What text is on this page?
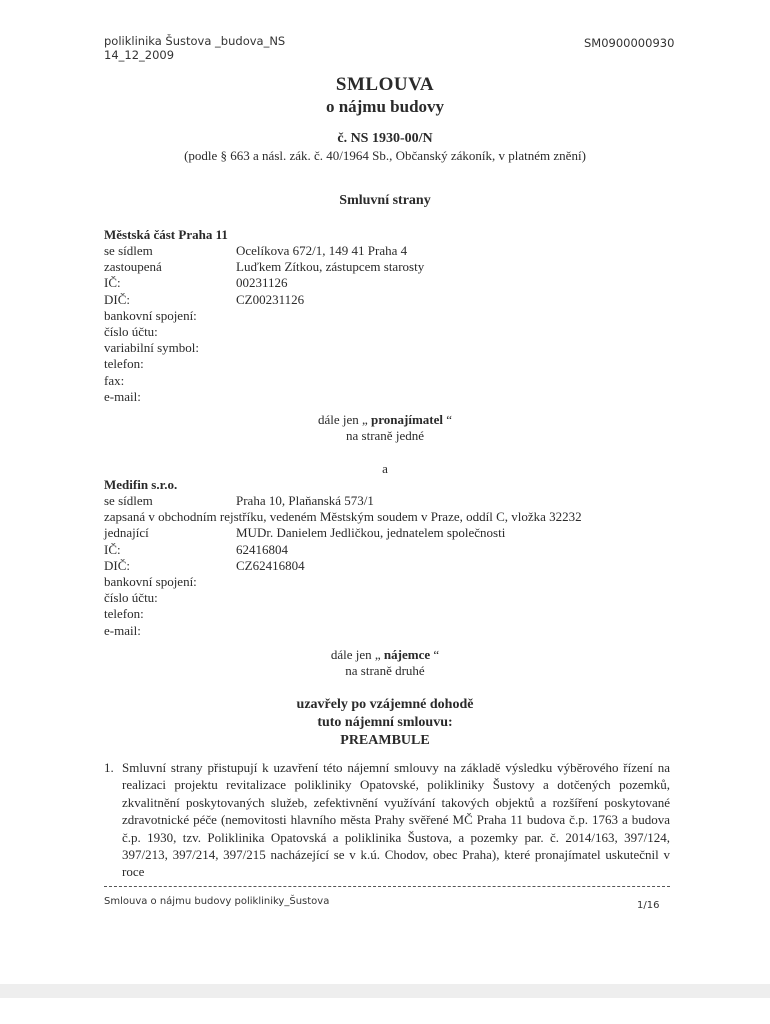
poliklinika Šustova _budova_NS
14_12_2009
SM0900000930
SMLOUVA
o nájmu budovy
č. NS 1930-00/N
(podle § 663 a násl. zák. č. 40/1964 Sb., Občanský zákoník, v platném znění)
Smluvní strany
Městská část Praha 11
se sídlem	Ocelíkova 672/1, 149 41 Praha 4
zastoupená	Luďkem Zítkou, zástupcem starosty
IČ:	00231126
DIČ:	CZ00231126
bankovní spojení:
číslo účtu:
variabilní symbol:
telefon:
fax:
e-mail:
dále jen „ pronajímatel “
na straně jedné
a
Medifin s.r.o.
se sídlem	Praha 10, Plaňanská 573/1
zapsaná v obchodním rejstříku, vedeném Městským soudem v Praze, oddíl C, vložka 32232
jednající	MUDr. Danielem Jedličkou, jednatelem společnosti
IČ:	62416804
DIČ:	CZ62416804
bankovní spojení:
číslo účtu:
telefon:
e-mail:
dále jen „ nájemce “
na straně druhé
uzavřely po vzájemné dohodě
tuto nájemní smlouvu:
PREAMBULE
1. Smluvní strany přistupují k uzavření této nájemní smlouvy na základě výsledku výběrového řízení na realizaci projektu revitalizace polikliniky Opatovské, polikliniky Šustovy a dotčených pozemků, zkvalitnění poskytovaných služeb, zefektivnění využívání takových objektů a rozšíření poskytované zdravotnické péče (nemovitosti hlavního města Prahy svěřené MČ Praha 11 budova č.p. 1763 a budova č.p. 1930, tzv. Poliklinika Opatovská a poliklinika Šustova, a pozemky par. č. 2014/163, 397/124, 397/213, 397/214, 397/215 nacházející se v k.ú. Chodov, obec Praha), které pronajímatel uskutečnil v roce
Smlouva o nájmu budovy polikliniky_Šustova	1/16
